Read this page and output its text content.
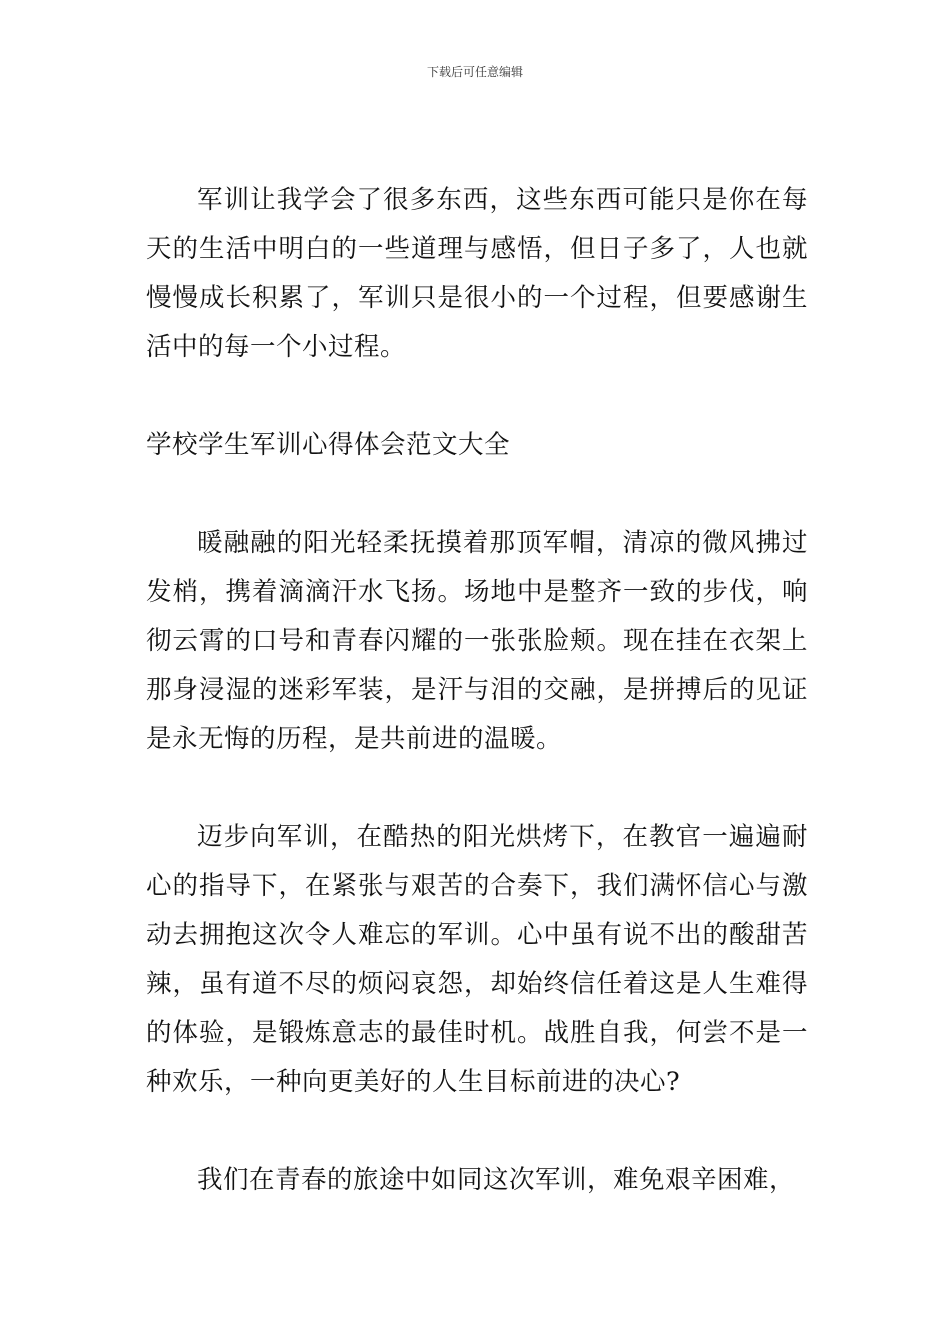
下载后可任意编辑

军训让我学会了很多东西，这些东西可能只是你在每天的生活中明白的一些道理与感悟，但日子多了，人也就慢慢成长积累了，军训只是很小的一个过程，但要感谢生活中的每一个小过程。

学校学生军训心得体会范文大全

暖融融的阳光轻柔抚摸着那顶军帽，清凉的微风拂过发梢，携着滴滴汗水飞扬。场地中是整齐一致的步伐，响彻云霄的口号和青春闪耀的一张张脸颊。现在挂在衣架上那身浸湿的迷彩军装，是汗与泪的交融，是拼搏后的见证是永无悔的历程，是共前进的温暖。

迈步向军训，在酷热的阳光烘烤下，在教官一遍遍耐心的指导下，在紧张与艰苦的合奏下，我们满怀信心与激动去拥抱这次令人难忘的军训。心中虽有说不出的酸甜苦辣，虽有道不尽的烦闷哀怨，却始终信任着这是人生难得的体验，是锻炼意志的最佳时机。战胜自我，何尝不是一种欢乐，一种向更美好的人生目标前进的决心?

我们在青春的旅途中如同这次军训，难免艰辛困难，
